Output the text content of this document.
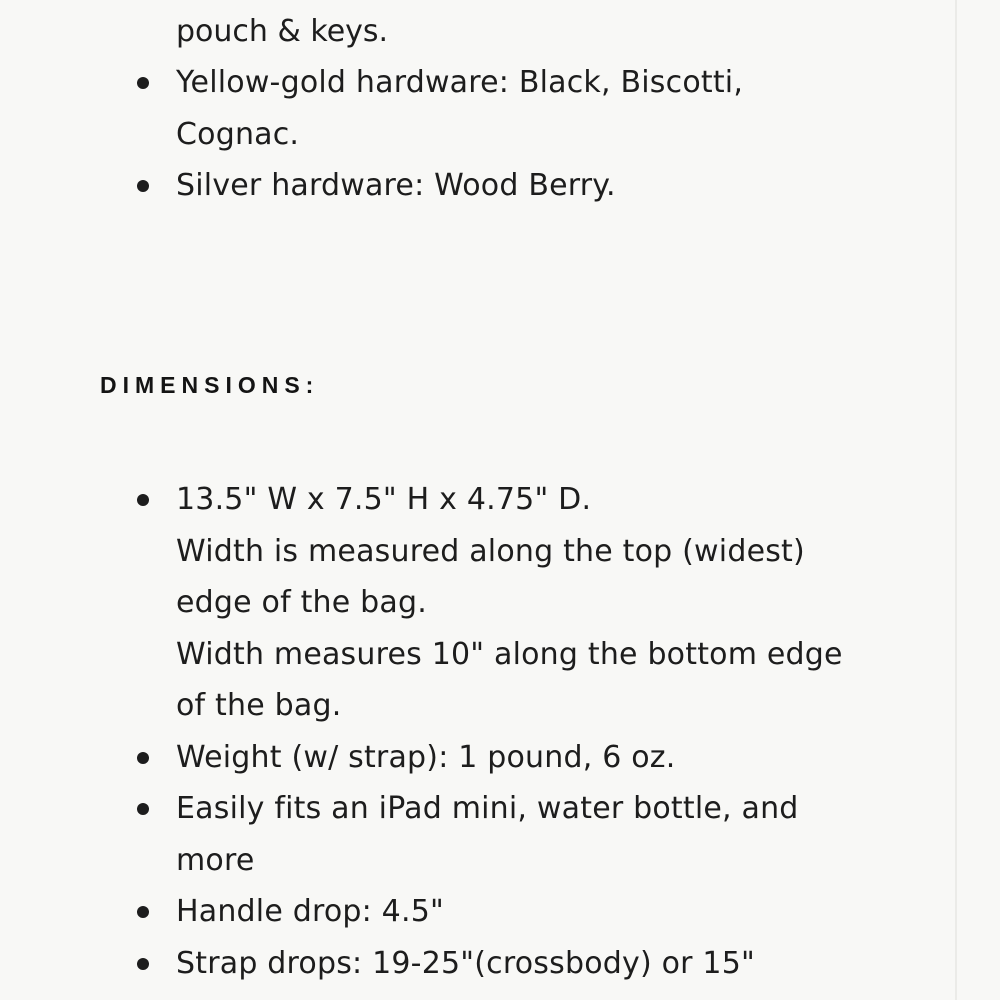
pouch & keys.
Yellow-gold hardware: Black, Biscotti,
Cognac.
Silver hardware: Wood Berry.
DIMENSIONS:
13.5" W x 7.5" H x 4.75" D.
Width is measured along the top (widest)
edge of the bag.
Width measures 10" along the bottom edge
of the bag.
Weight (w/ strap): 1 pound, 6 oz.
Easily fits an iPad mini, water bottle, and
more
Handle drop: 4.5"
Strap drops: 19-25"(crossbody) or 15"
